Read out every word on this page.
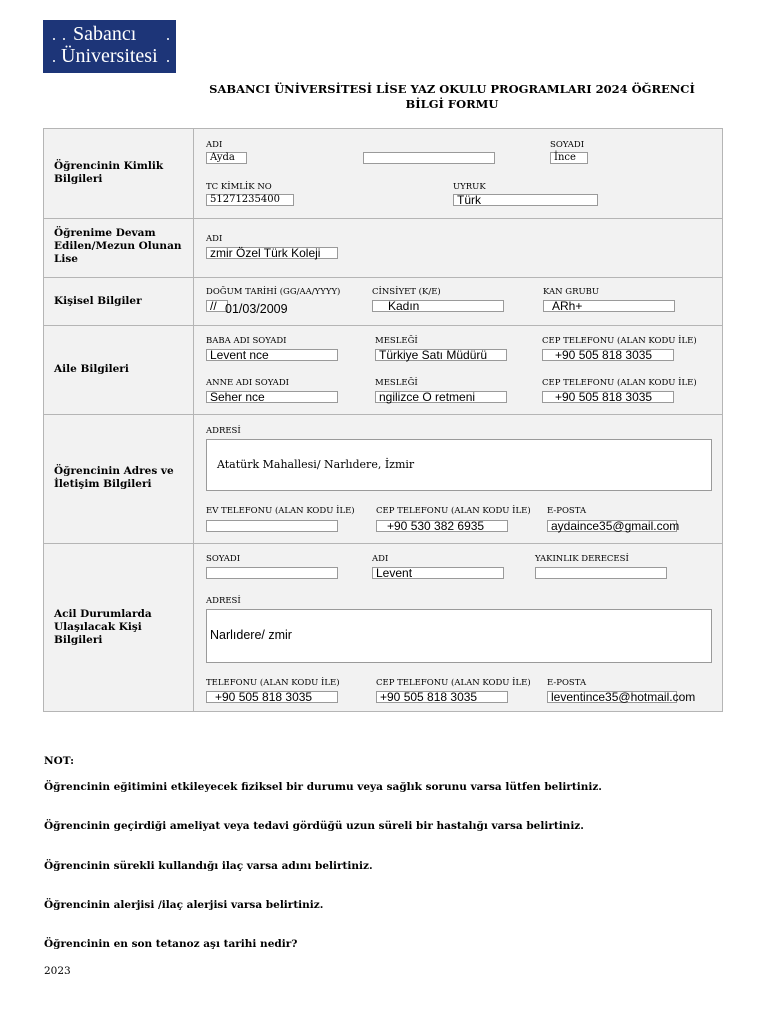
Sabancı
Üniversitesi
SABANCI ÜNİVERSİTESİ LİSE YAZ OKULU PROGRAMLARI 2024 ÖĞRENCİ
BİLGİ FORMU
Öğrencinin Kimlik Bilgileri
ADI
Ayda
SOYADI
İnce
TC KİMLİK NO
51271235400
UYRUK
Türk
Öğrenime Devam Edilen/Mezun Olunan Lise
ADI
zmir Özel Türk Koleji
Kişisel Bilgiler
DOĞUM TARİHİ (GG/AA/YYYY)
// 01/03/2009
CİNSİYET (K/E)
Kadın
KAN GRUBU
ARh+
Aile Bilgileri
BABA ADI SOYADI
Levent nce
MESLEĞİ
Türkiye Satı Müdürü
CEP TELEFONU (ALAN KODU İLE)
+90 505 818 3035
ANNE ADI SOYADI
Seher nce
MESLEĞİ
ngilizce O retmeni
CEP TELEFONU (ALAN KODU İLE)
+90 505 818 3035
Öğrencinin Adres ve İletişim Bilgileri
ADRESİ
Atatürk Mahallesi/ Narlıdere, İzmir
EV TELEFONU (ALAN KODU İLE)	CEP TELEFONU (ALAN KODU İLE)
+90 530 382 6935
E-POSTA
aydaince35@gmail.com
Acil Durumlarda Ulaşılacak Kişi Bilgileri
SOYADI	ADI
Levent
YAKINLIK DERECESİ
ADRESİ
Narlıdere/ zmir
TELEFONU (ALAN KODU İLE)
+90 505 818 3035
CEP TELEFONU (ALAN KODU İLE)
+90 505 818 3035
E-POSTA
leventince35@hotmail.com
NOT:
Öğrencinin eğitimini etkileyecek fiziksel bir durumu veya sağlık sorunu varsa lütfen belirtiniz.
Öğrencinin geçirdiği ameliyat veya tedavi gördüğü uzun süreli bir hastalığı varsa belirtiniz.
Öğrencinin sürekli kullandığı ilaç varsa adını belirtiniz.
Öğrencinin alerjisi /ilaç alerjisi varsa belirtiniz.
Öğrencinin en son tetanoz aşı tarihi nedir?
2023
